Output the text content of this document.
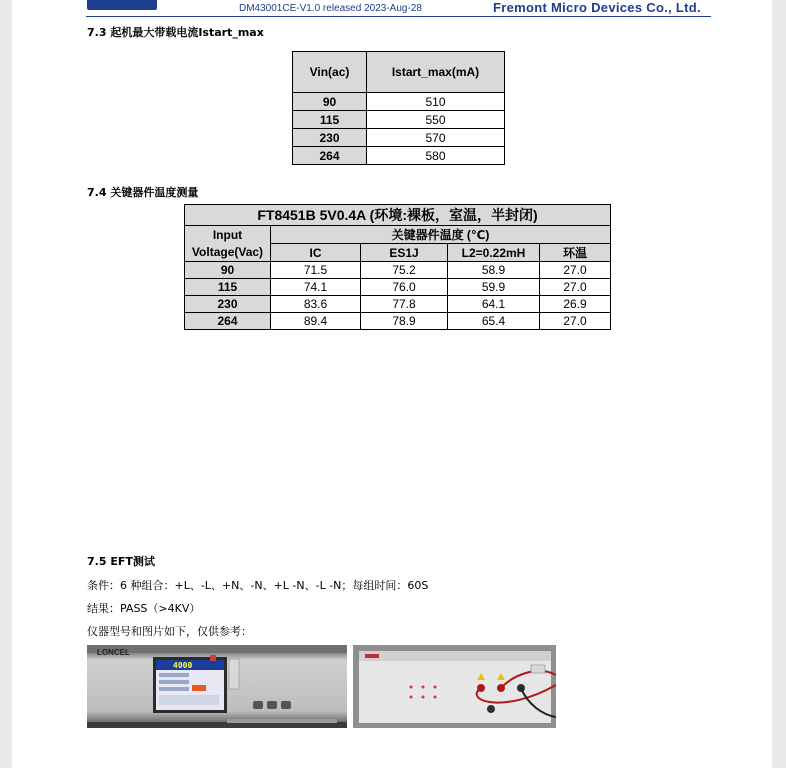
DM43001CE-V1.0 released 2023-Aug-28	Fremont Micro Devices Co., Ltd.
7.3 起机最大带载电流Istart_max
Vin(ac)	Istart_max(mA)
90	510
115	550
230	570
264	580
7.4 关键器件温度测量
FT8451B 5V0.4A (环境:裸板，室温，半封闭)				
Input Voltage(Vac)	关键器件温度 (℃)			
	IC	ES1J	L2=0.22mH	环温
90	71.5	75.2	58.9	27.0
115	74.1	76.0	59.9	27.0
230	83.6	77.8	64.1	26.9
264	89.4	78.9	65.4	27.0
7.5 EFT测试
条件：6 种组合：+L、-L、+N、-N、+L -N、-L -N；每组时间：60S
结果：PASS（>4KV）
仪器型号和图片如下，仅供参考：
LONCEL
4000
